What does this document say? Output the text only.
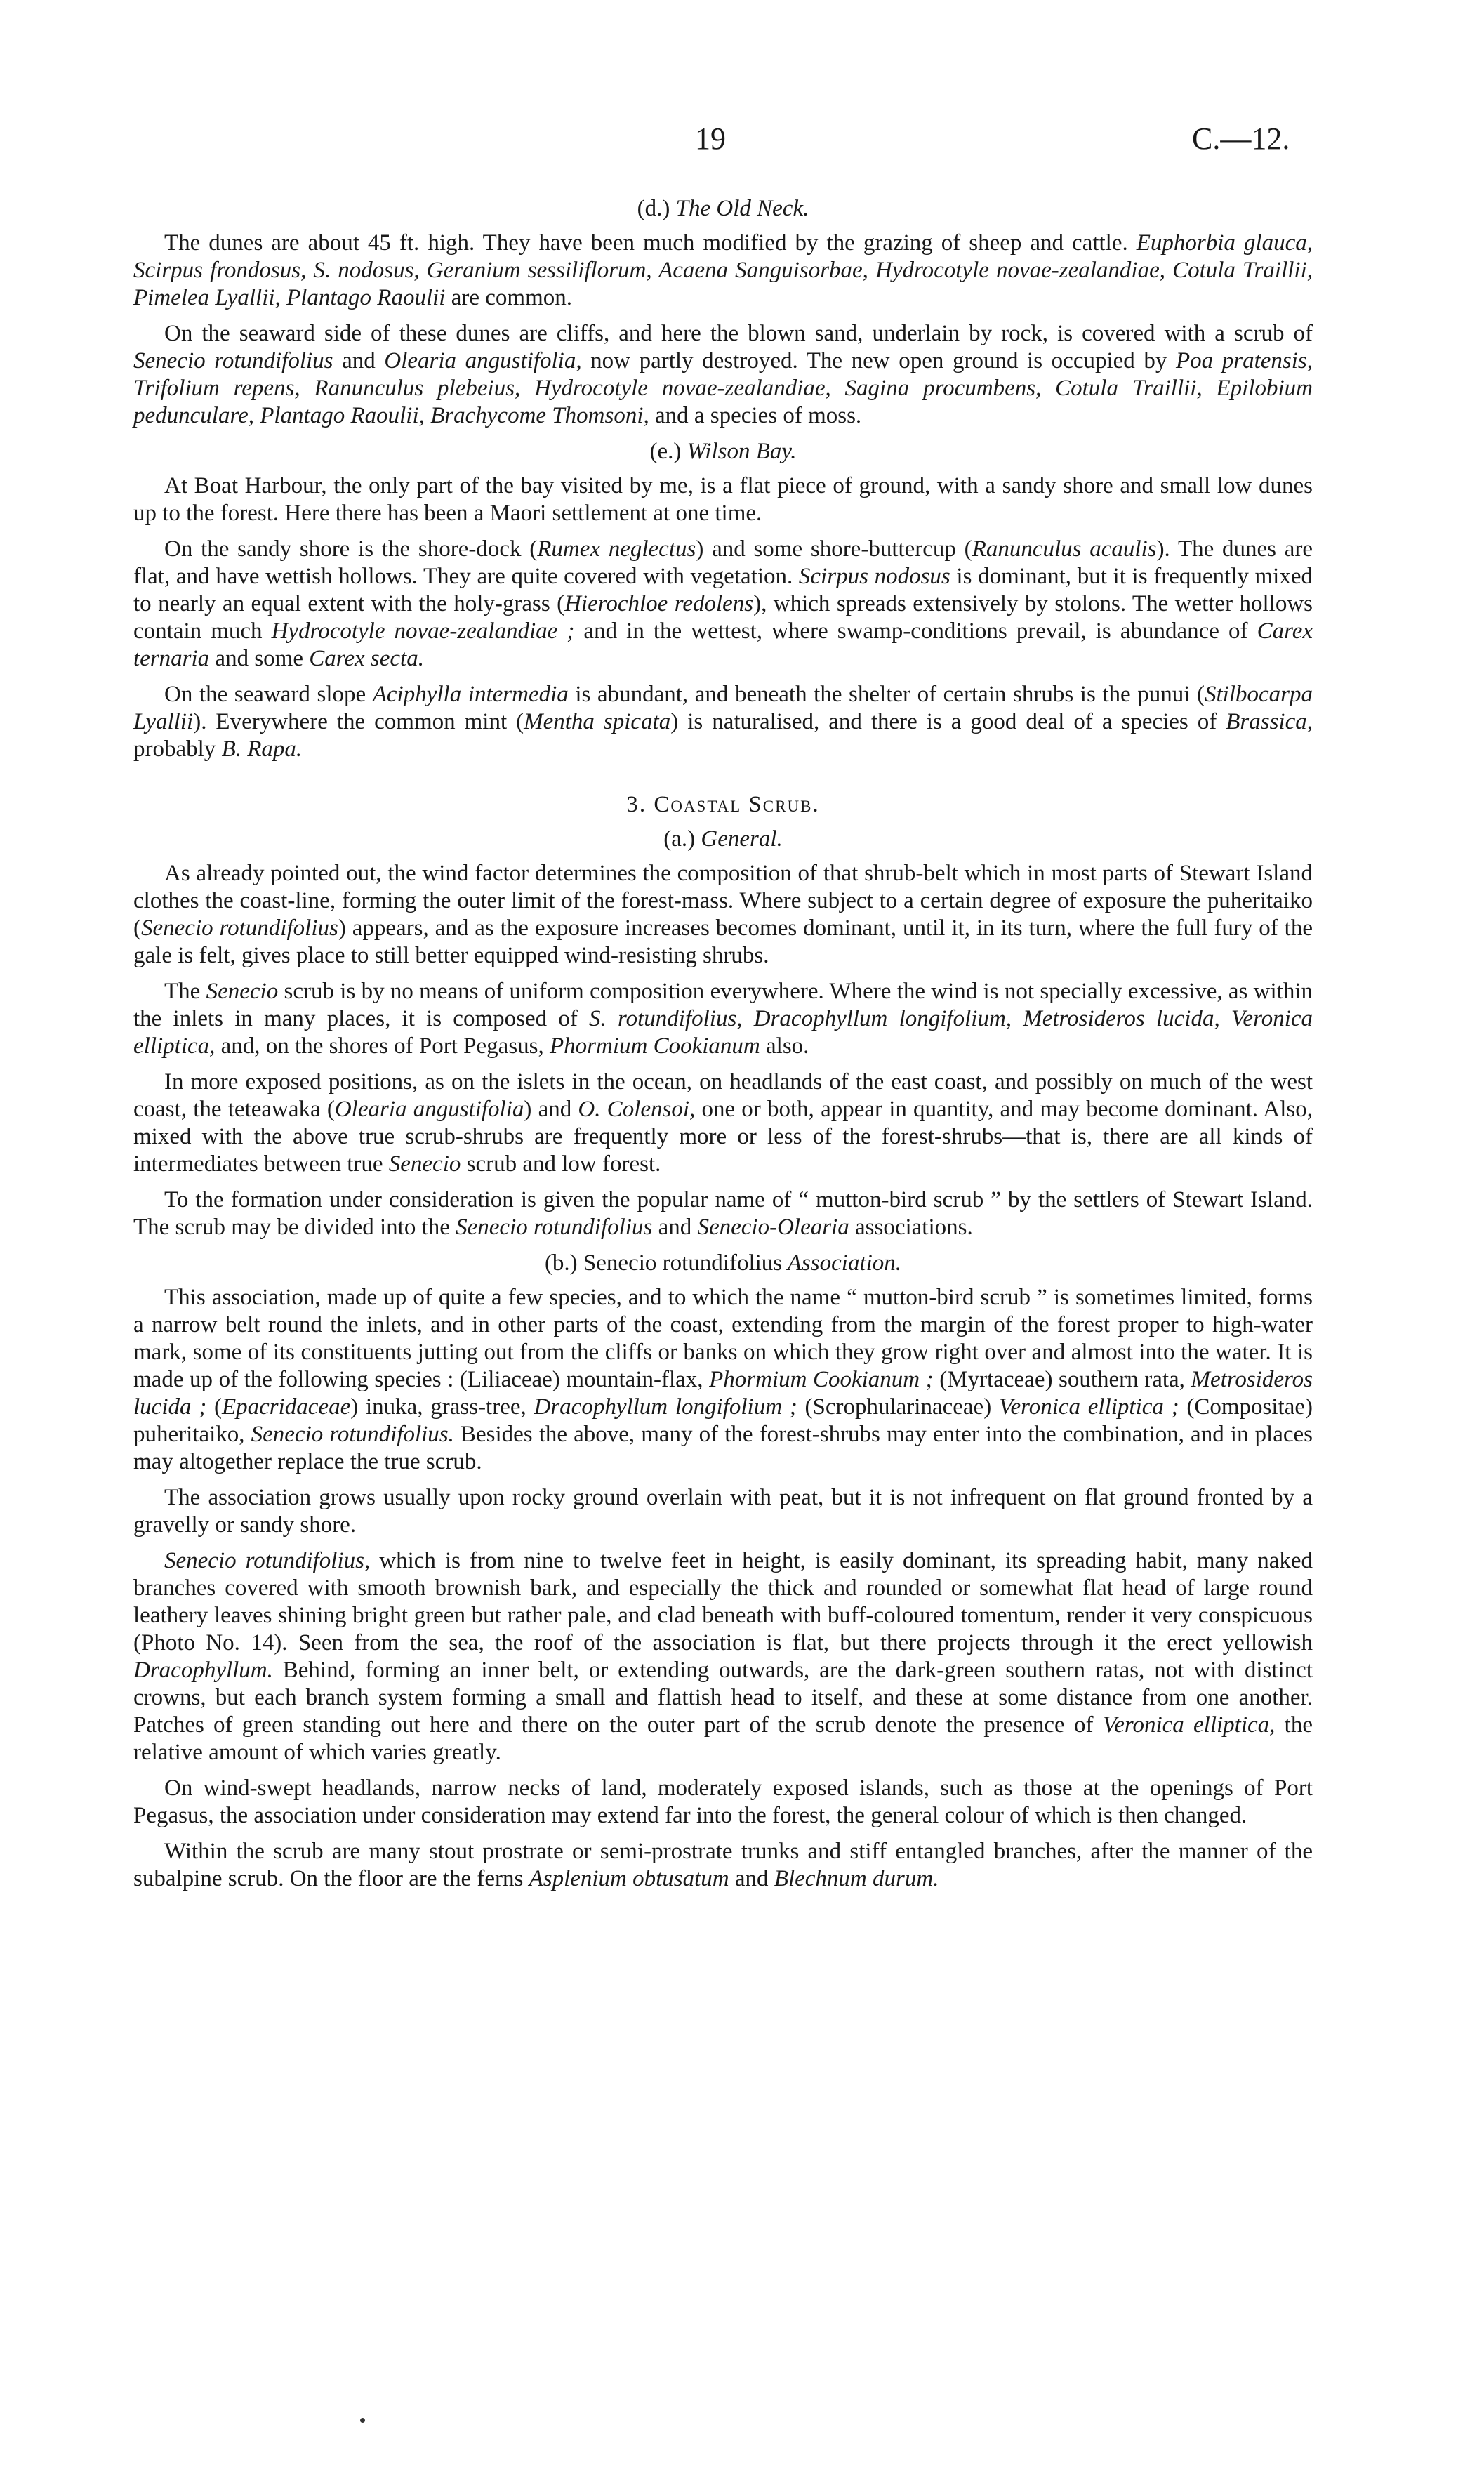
19	C.—12.
(d.) The Old Neck.

The dunes are about 45 ft. high. They have been much modified by the grazing of sheep and cattle. Euphorbia glauca, Scirpus frondosus, S. nodosus, Geranium sessiliflorum, Acaena Sanguisorbae, Hydrocotyle novae-zealandiae, Cotula Traillii, Pimelea Lyallii, Plantago Raoulii are common.

On the seaward side of these dunes are cliffs, and here the blown sand, underlain by rock, is covered with a scrub of Senecio rotundifolius and Olearia angustifolia, now partly destroyed. The new open ground is occupied by Poa pratensis, Trifolium repens, Ranunculus plebeius, Hydrocotyle novae-zealandiae, Sagina procumbens, Cotula Traillii, Epilobium pedunculare, Plantago Raoulii, Brachycome Thomsoni, and a species of moss.

(e.) Wilson Bay.

At Boat Harbour, the only part of the bay visited by me, is a flat piece of ground, with a sandy shore and small low dunes up to the forest. Here there has been a Maori settlement at one time.

On the sandy shore is the shore-dock (Rumex neglectus) and some shore-buttercup (Ranunculus acaulis). The dunes are flat, and have wettish hollows. They are quite covered with vegetation. Scirpus nodosus is dominant, but it is frequently mixed to nearly an equal extent with the holy-grass (Hierochloe redolens), which spreads extensively by stolons. The wetter hollows contain much Hydrocotyle novae-zealandiae ; and in the wettest, where swamp-conditions prevail, is abundance of Carex ternaria and some Carex secta.

On the seaward slope Aciphylla intermedia is abundant, and beneath the shelter of certain shrubs is the punui (Stilbocarpa Lyallii). Everywhere the common mint (Mentha spicata) is naturalised, and there is a good deal of a species of Brassica, probably B. Rapa.

3. Coastal Scrub.
(a.) General.

As already pointed out, the wind factor determines the composition of that shrub-belt which in most parts of Stewart Island clothes the coast-line, forming the outer limit of the forest-mass. Where subject to a certain degree of exposure the puheritaiko (Senecio rotundifolius) appears, and as the exposure increases becomes dominant, until it, in its turn, where the full fury of the gale is felt, gives place to still better equipped wind-resisting shrubs.

The Senecio scrub is by no means of uniform composition everywhere. Where the wind is not specially excessive, as within the inlets in many places, it is composed of S. rotundifolius, Dracophyllum longifolium, Metrosideros lucida, Veronica elliptica, and, on the shores of Port Pegasus, Phormium Cookianum also.

In more exposed positions, as on the islets in the ocean, on headlands of the east coast, and possibly on much of the west coast, the teteawaka (Olearia angustifolia) and O. Colensoi, one or both, appear in quantity, and may become dominant. Also, mixed with the above true scrub-shrubs are frequently more or less of the forest-shrubs—that is, there are all kinds of intermediates between true Senecio scrub and low forest.

To the formation under consideration is given the popular name of “ mutton-bird scrub ” by the settlers of Stewart Island. The scrub may be divided into the Senecio rotundifolius and Senecio-Olearia associations.

(b.) Senecio rotundifolius Association.

This association, made up of quite a few species, and to which the name “ mutton-bird scrub ” is sometimes limited, forms a narrow belt round the inlets, and in other parts of the coast, extending from the margin of the forest proper to high-water mark, some of its constituents jutting out from the cliffs or banks on which they grow right over and almost into the water. It is made up of the following species : (Liliaceae) mountain-flax, Phormium Cookianum ; (Myrtaceae) southern rata, Metrosideros lucida ; (Epacridaceae) inuka, grass-tree, Dracophyllum longifolium ; (Scrophularinaceae) Veronica elliptica ; (Compositae) puheritaiko, Senecio rotundifolius. Besides the above, many of the forest-shrubs may enter into the combination, and in places may altogether replace the true scrub.

The association grows usually upon rocky ground overlain with peat, but it is not infrequent on flat ground fronted by a gravelly or sandy shore.

Senecio rotundifolius, which is from nine to twelve feet in height, is easily dominant, its spreading habit, many naked branches covered with smooth brownish bark, and especially the thick and rounded or somewhat flat head of large round leathery leaves shining bright green but rather pale, and clad beneath with buff-coloured tomentum, render it very conspicuous (Photo No. 14). Seen from the sea, the roof of the association is flat, but there projects through it the erect yellowish Dracophyllum. Behind, forming an inner belt, or extending outwards, are the dark-green southern ratas, not with distinct crowns, but each branch system forming a small and flattish head to itself, and these at some distance from one another. Patches of green standing out here and there on the outer part of the scrub denote the presence of Veronica elliptica, the relative amount of which varies greatly.

On wind-swept headlands, narrow necks of land, moderately exposed islands, such as those at the openings of Port Pegasus, the association under consideration may extend far into the forest, the general colour of which is then changed.

Within the scrub are many stout prostrate or semi-prostrate trunks and stiff entangled branches, after the manner of the subalpine scrub. On the floor are the ferns Asplenium obtusatum and Blechnum durum.
